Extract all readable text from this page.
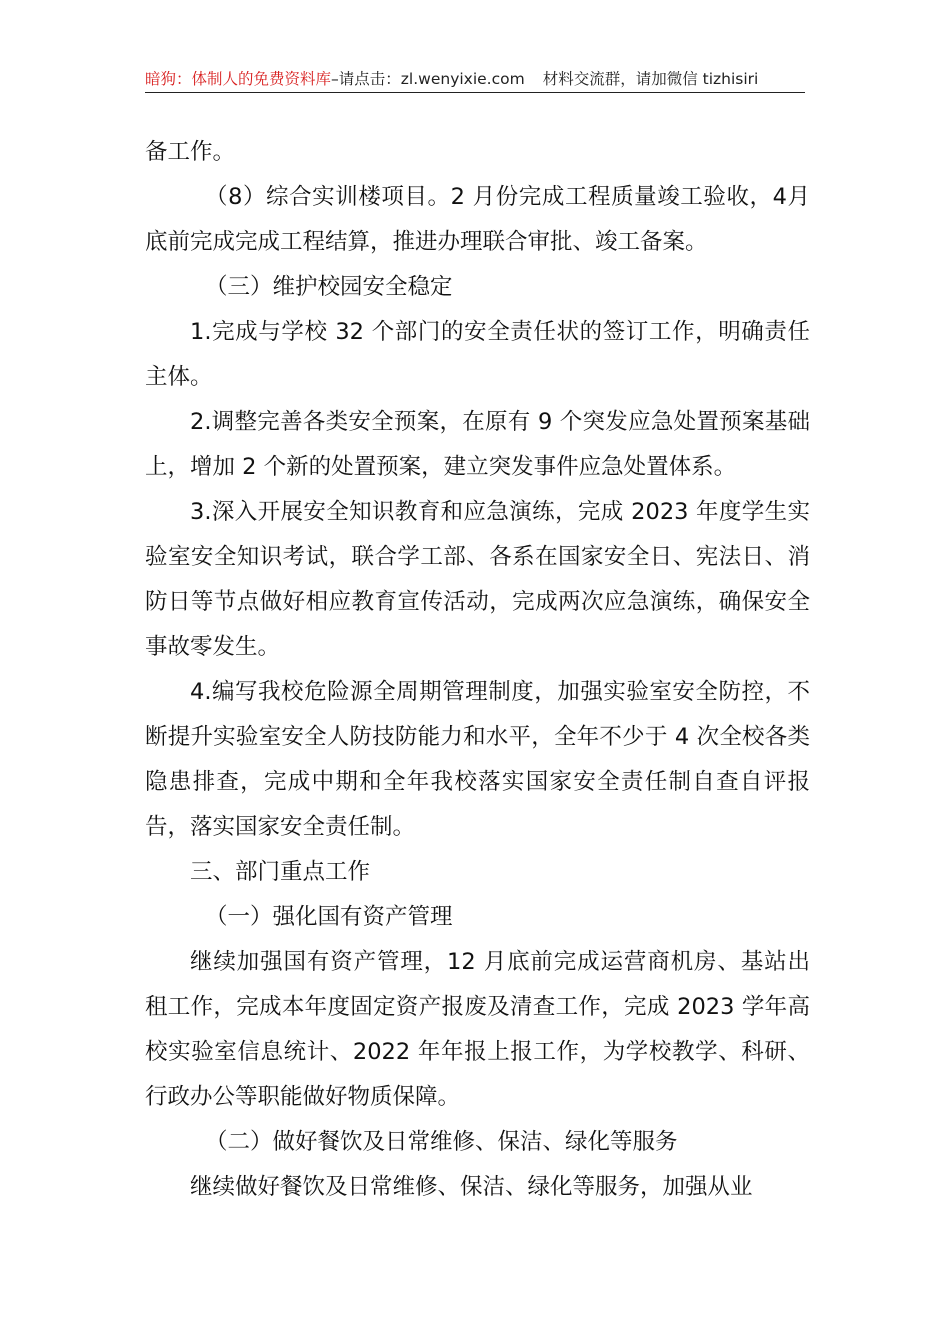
暗狗：体制人的免费资料库–请点击：zl.wenyixie.com 材料交流群，请加微信 tizhisiri

备工作。

（8）综合实训楼项目。2 月份完成工程质量竣工验收，4月底前完成完成工程结算，推进办理联合审批、竣工备案。

（三）维护校园安全稳定

1.完成与学校 32 个部门的安全责任状的签订工作，明确责任主体。

2.调整完善各类安全预案，在原有 9 个突发应急处置预案基础上，增加 2 个新的处置预案，建立突发事件应急处置体系。

3.深入开展安全知识教育和应急演练，完成 2023 年度学生实验室安全知识考试，联合学工部、各系在国家安全日、宪法日、消防日等节点做好相应教育宣传活动，完成两次应急演练，确保安全事故零发生。

4.编写我校危险源全周期管理制度，加强实验室安全防控，不断提升实验室安全人防技防能力和水平，全年不少于 4 次全校各类隐患排查，完成中期和全年我校落实国家安全责任制自查自评报告，落实国家安全责任制。

三、部门重点工作

（一）强化国有资产管理

继续加强国有资产管理，12 月底前完成运营商机房、基站出租工作，完成本年度固定资产报废及清查工作，完成 2023 学年高校实验室信息统计、2022 年年报上报工作，为学校教学、科研、行政办公等职能做好物质保障。

（二）做好餐饮及日常维修、保洁、绿化等服务

继续做好餐饮及日常维修、保洁、绿化等服务，加强从业
